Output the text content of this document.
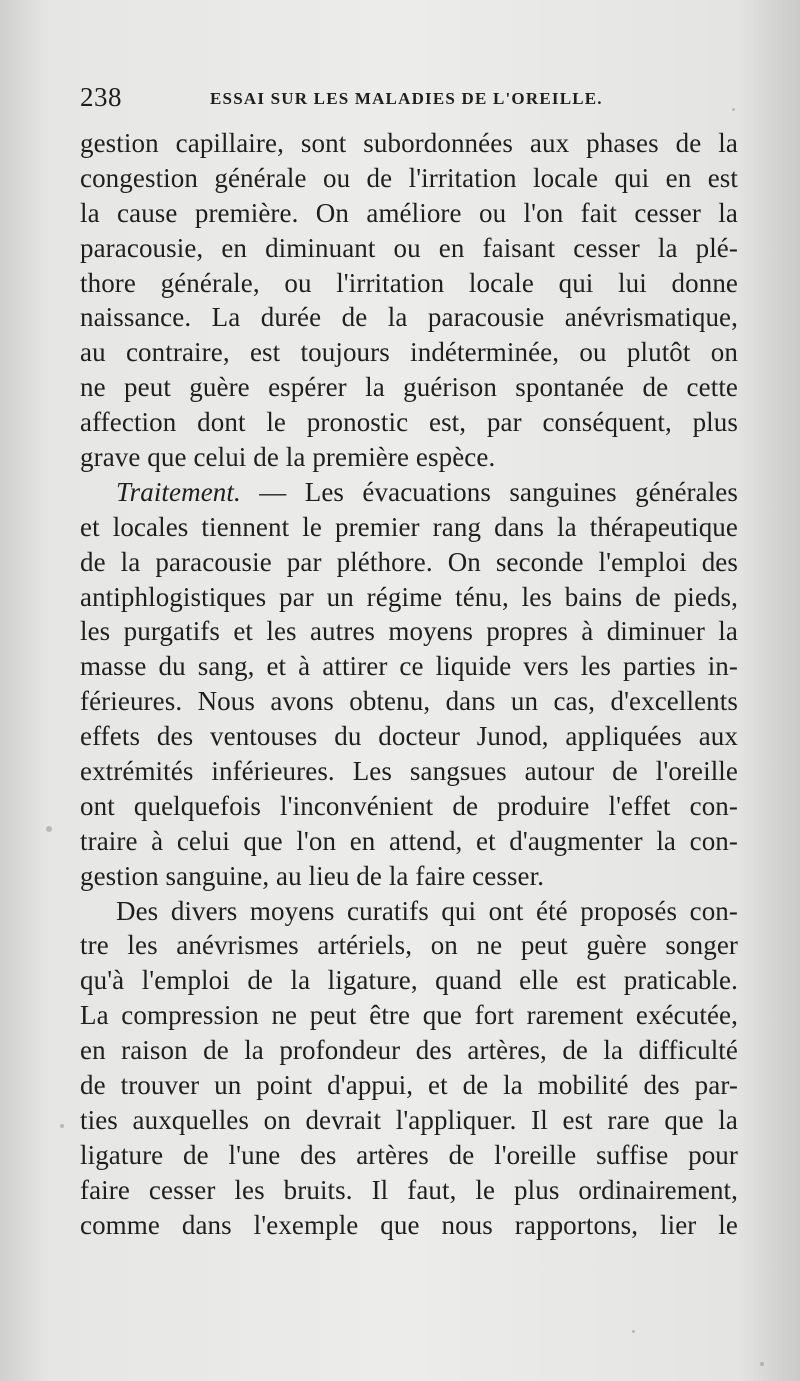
238	ESSAI SUR LES MALADIES DE L'OREILLE.
gestion capillaire, sont subordonnées aux phases de la
congestion générale ou de l'irritation locale qui en est
la cause première. On améliore ou l'on fait cesser la
paracousie, en diminuant ou en faisant cesser la plé-
thore générale, ou l'irritation locale qui lui donne
naissance. La durée de la paracousie anévrismatique,
au contraire, est toujours indéterminée, ou plutôt on
ne peut guère espérer la guérison spontanée de cette
affection dont le pronostic est, par conséquent, plus
grave que celui de la première espèce.
Traitement. — Les évacuations sanguines générales
et locales tiennent le premier rang dans la thérapeutique
de la paracousie par pléthore. On seconde l'emploi des
antiphlogistiques par un régime ténu, les bains de pieds,
les purgatifs et les autres moyens propres à diminuer la
masse du sang, et à attirer ce liquide vers les parties in-
férieures. Nous avons obtenu, dans un cas, d'excellents
effets des ventouses du docteur Junod, appliquées aux
extrémités inférieures. Les sangsues autour de l'oreille
ont quelquefois l'inconvénient de produire l'effet con-
traire à celui que l'on en attend, et d'augmenter la con-
gestion sanguine, au lieu de la faire cesser.
Des divers moyens curatifs qui ont été proposés con-
tre les anévrismes artériels, on ne peut guère songer
qu'à l'emploi de la ligature, quand elle est praticable.
La compression ne peut être que fort rarement exécutée,
en raison de la profondeur des artères, de la difficulté
de trouver un point d'appui, et de la mobilité des par-
ties auxquelles on devrait l'appliquer. Il est rare que la
ligature de l'une des artères de l'oreille suffise pour
faire cesser les bruits. Il faut, le plus ordinairement,
comme dans l'exemple que nous rapportons, lier le
